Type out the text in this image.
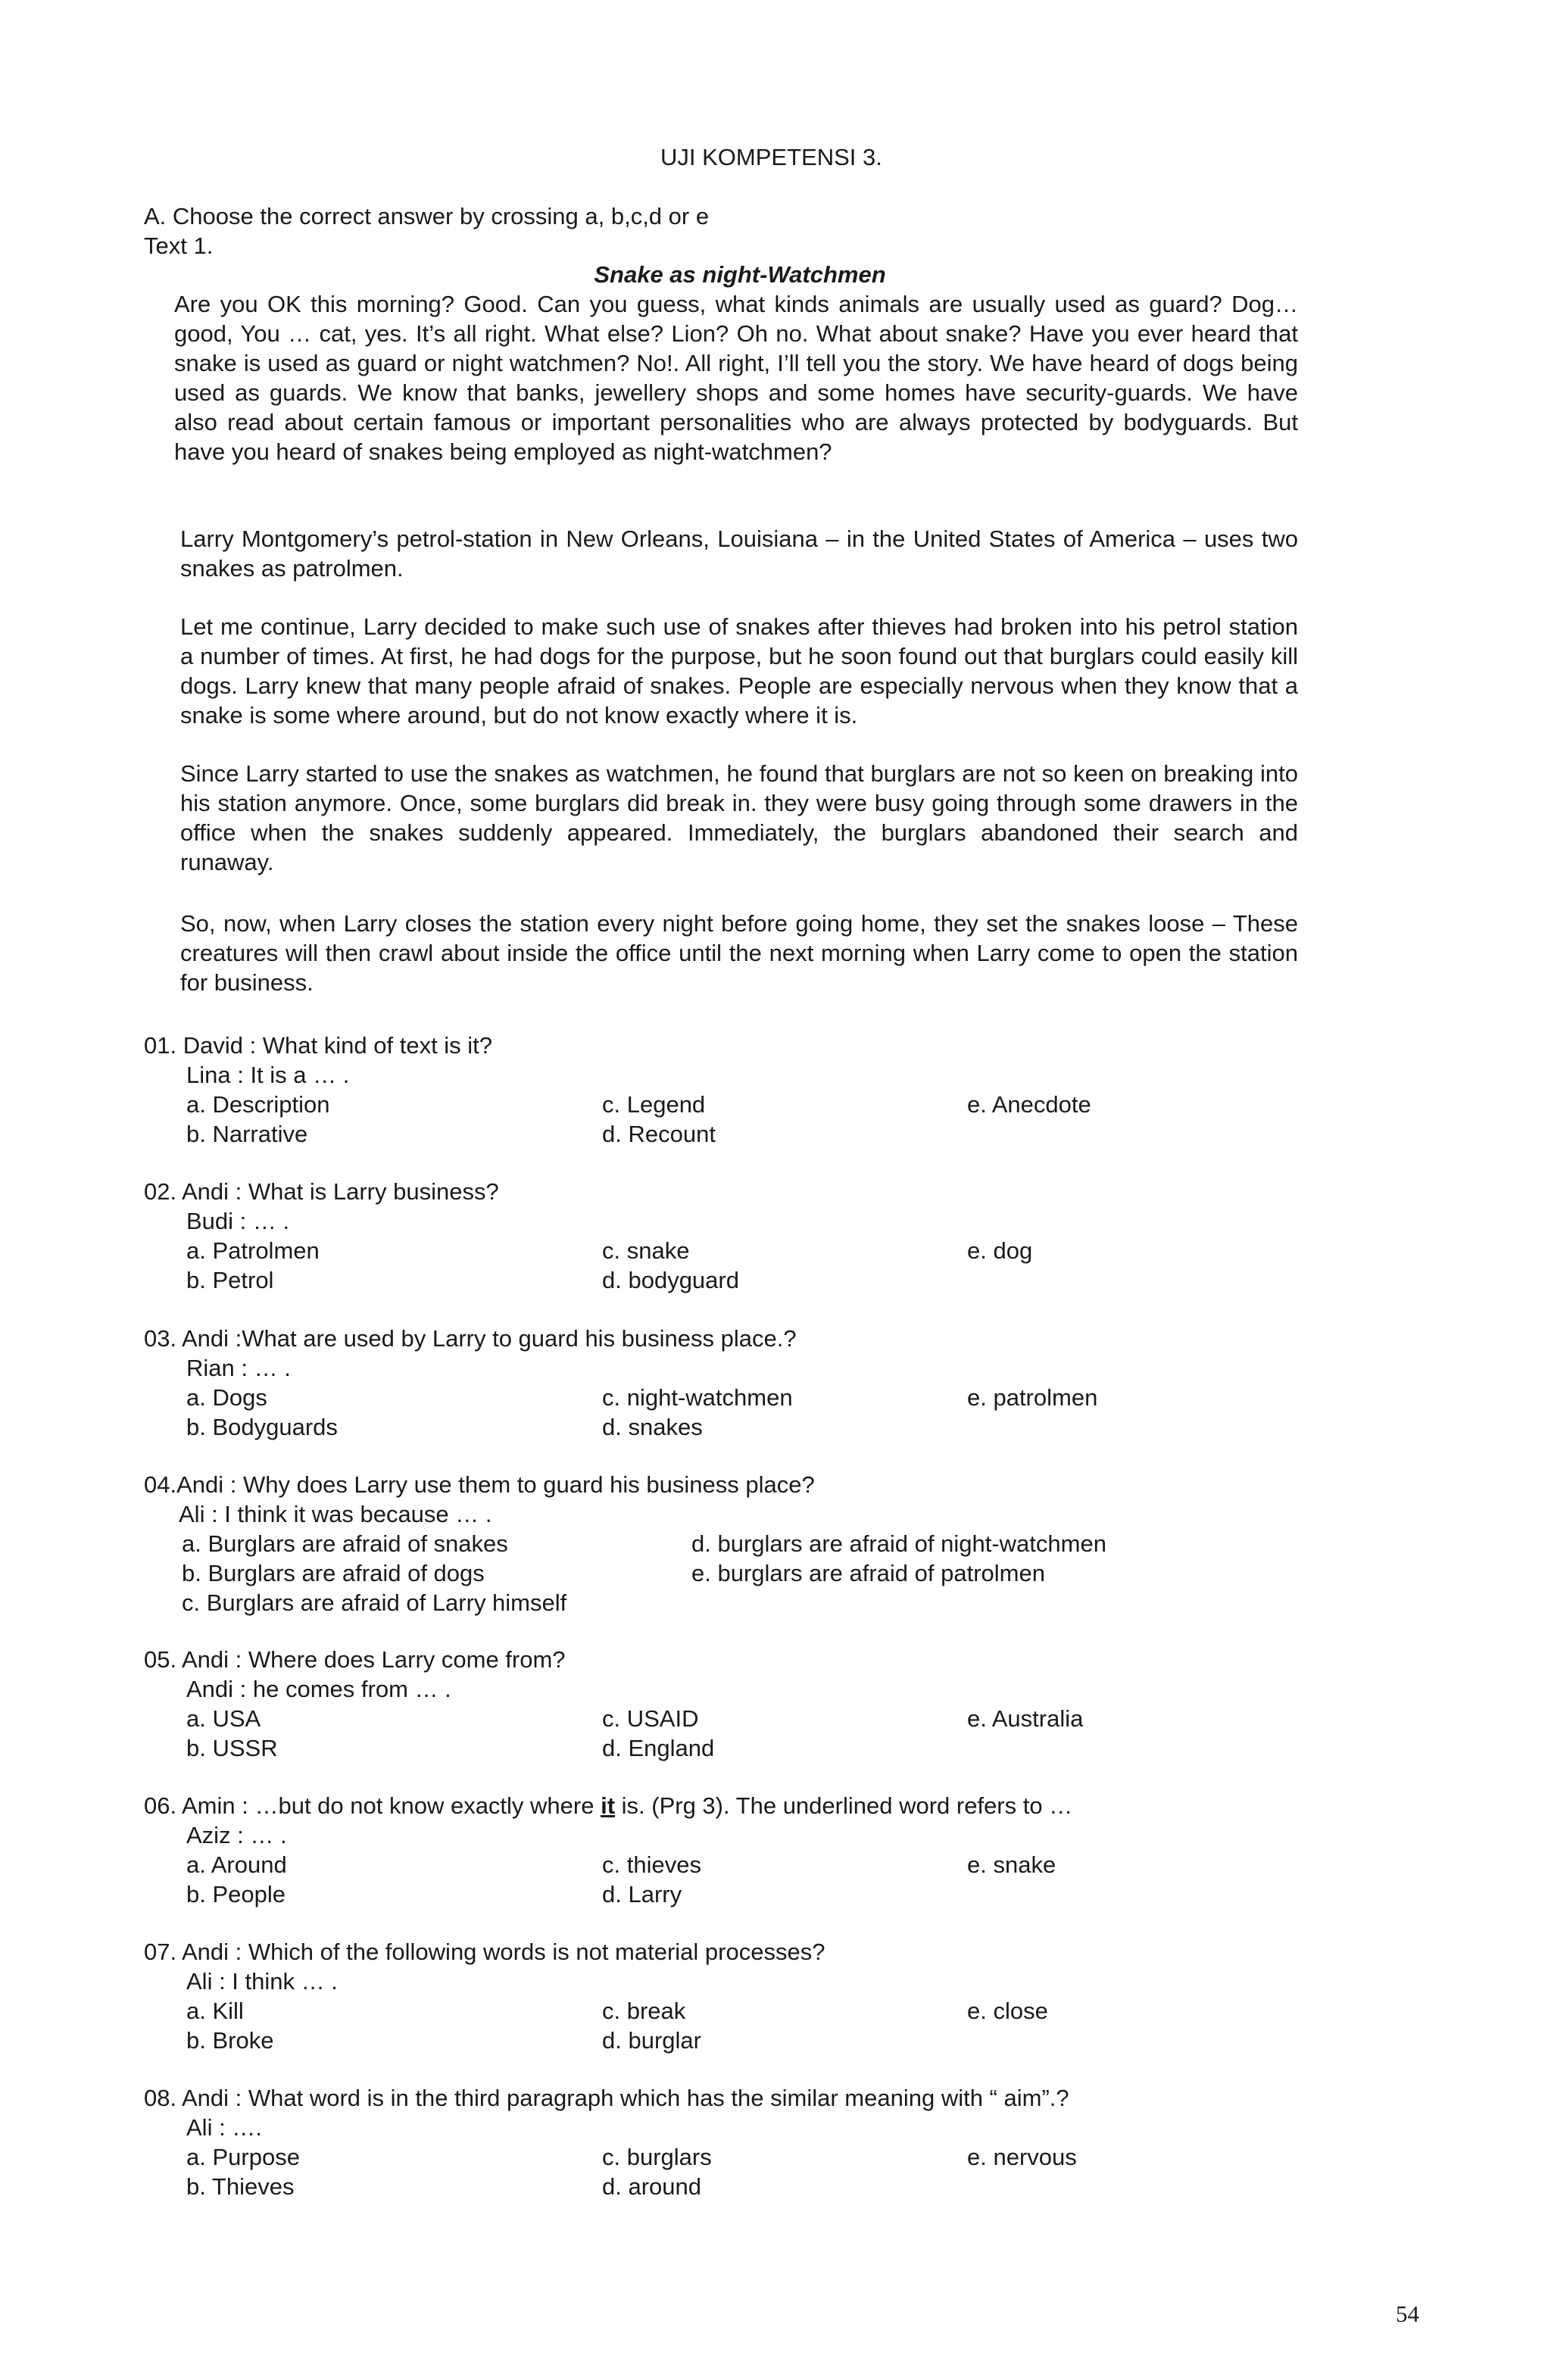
UJI KOMPETENSI 3.
A. Choose the correct answer by crossing a, b,c,d or e
Text 1.
Snake as night-Watchmen
Are you OK this morning? Good. Can you guess, what kinds animals are usually used as guard? Dog… good, You … cat, yes. It’s all right. What else? Lion? Oh no. What about snake? Have you ever heard that snake is used as guard or night watchmen? No!. All right, I’ll tell you the story. We have heard of dogs being used as guards. We know that banks, jewellery shops and some homes have security-guards. We have also read about certain famous or important personalities who are always protected by bodyguards. But have you heard of snakes being employed as night-watchmen?
Larry Montgomery’s petrol-station in New Orleans, Louisiana – in the United States of America – uses two snakes as patrolmen.
Let me continue, Larry decided to make such use of snakes after thieves had broken into his petrol station a number of times. At first, he had dogs for the purpose, but he soon found out that burglars could easily kill dogs. Larry knew that many people afraid of snakes. People are especially nervous when they know that a snake is some where around, but do not know exactly where it is.
Since Larry started to use the snakes as watchmen, he found that burglars are not so keen on breaking into his station anymore. Once, some burglars did break in. they were busy going through some drawers in the office when the snakes suddenly appeared. Immediately, the burglars abandoned their search and runaway.
So, now, when Larry closes the station every night before going home, they set the snakes loose – These creatures will then crawl about inside the office until the next morning when Larry come to open the station for business.
01. David : What kind of text is it?
Lina : It is a … .
a. Description	c. Legend	e. Anecdote
b. Narrative	d. Recount
02. Andi : What is Larry business?
Budi : … .
a. Patrolmen	c. snake	e. dog
b. Petrol	d. bodyguard
03. Andi :What are used by Larry to guard his business place.?
Rian : … .
a. Dogs	c. night-watchmen	e. patrolmen
b. Bodyguards	d. snakes
04.Andi : Why does Larry use them to guard his business place?
Ali : I think it was because … .
a. Burglars are afraid of snakes	d. burglars are afraid of night-watchmen
b. Burglars are afraid of dogs	e. burglars are afraid of patrolmen
c. Burglars are afraid of Larry himself
05. Andi : Where does Larry come from?
Andi : he comes from … .
a. USA	c. USAID	e. Australia
b. USSR	d. England
06. Amin : …but do not know exactly where it is. (Prg 3). The underlined word refers to …
Aziz : … .
a. Around	c. thieves	e. snake
b. People	d. Larry
07. Andi : Which of the following words is not material processes?
Ali : I think … .
a. Kill	c. break	e. close
b. Broke	d. burglar
08. Andi : What word is in the third paragraph which has the similar meaning with “ aim”.?
Ali : ….
a. Purpose	c. burglars	e. nervous
b. Thieves	d. around
54
